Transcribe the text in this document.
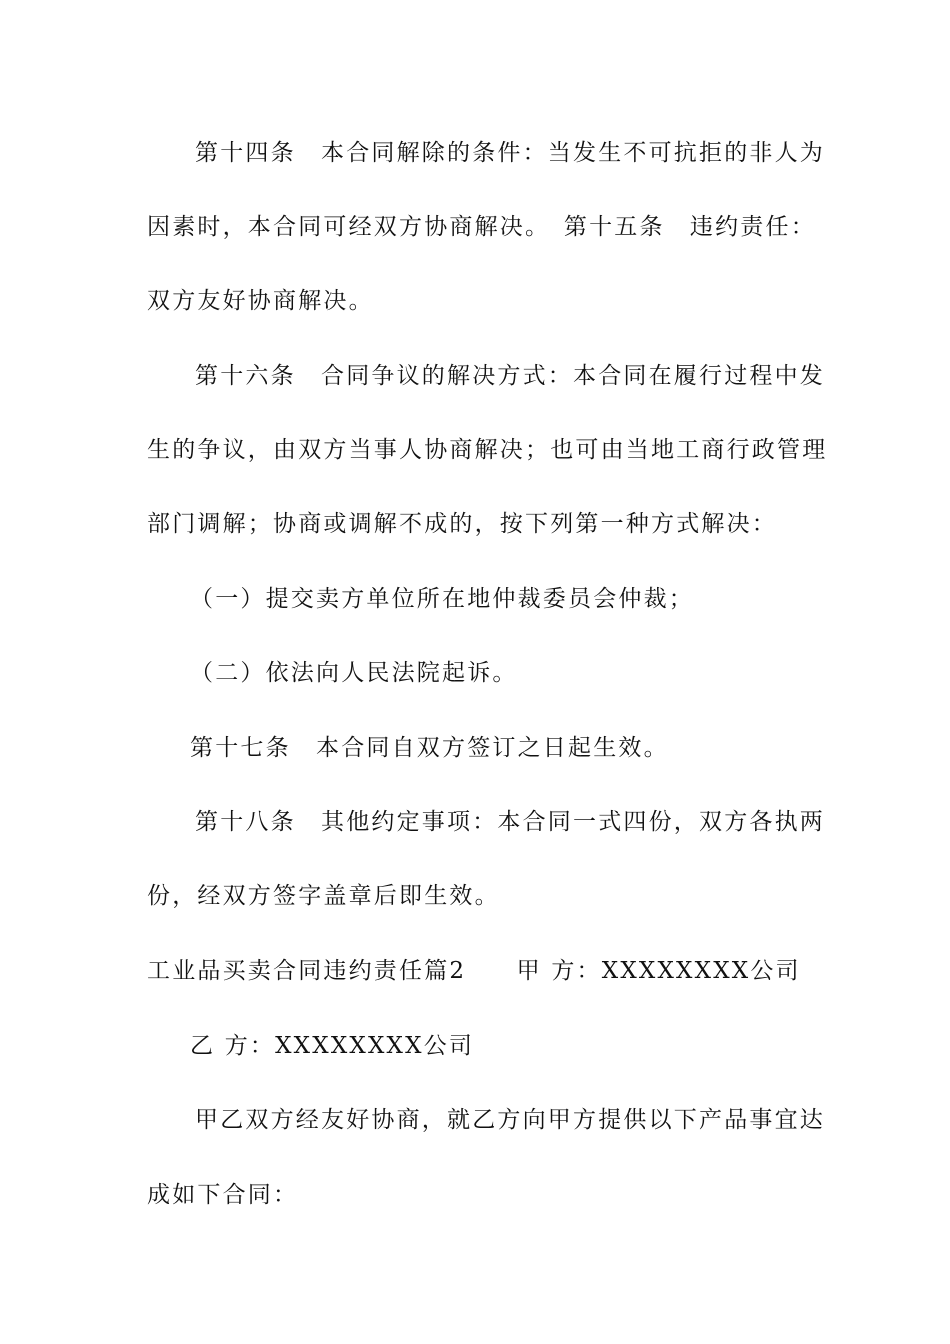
第十四条　本合同解除的条件：当发生不可抗拒的非人为
因素时，本合同可经双方协商解决。　第十五条　违约责任：
双方友好协商解决。
第十六条　合同争议的解决方式：本合同在履行过程中发
生的争议，由双方当事人协商解决；也可由当地工商行政管理
部门调解；协商或调解不成的，按下列第一种方式解决：
（一）提交卖方单位所在地仲裁委员会仲裁；
（二）依法向人民法院起诉。
第十七条　本合同自双方签订之日起生效。
第十八条　其他约定事项：本合同一式四份，双方各执两
份，经双方签字盖章后即生效。
工业品买卖合同违约责任篇2　　甲 方：XXXXXXXX公司
乙 方：XXXXXXXX公司
甲乙双方经友好协商，就乙方向甲方提供以下产品事宜达
成如下合同：
